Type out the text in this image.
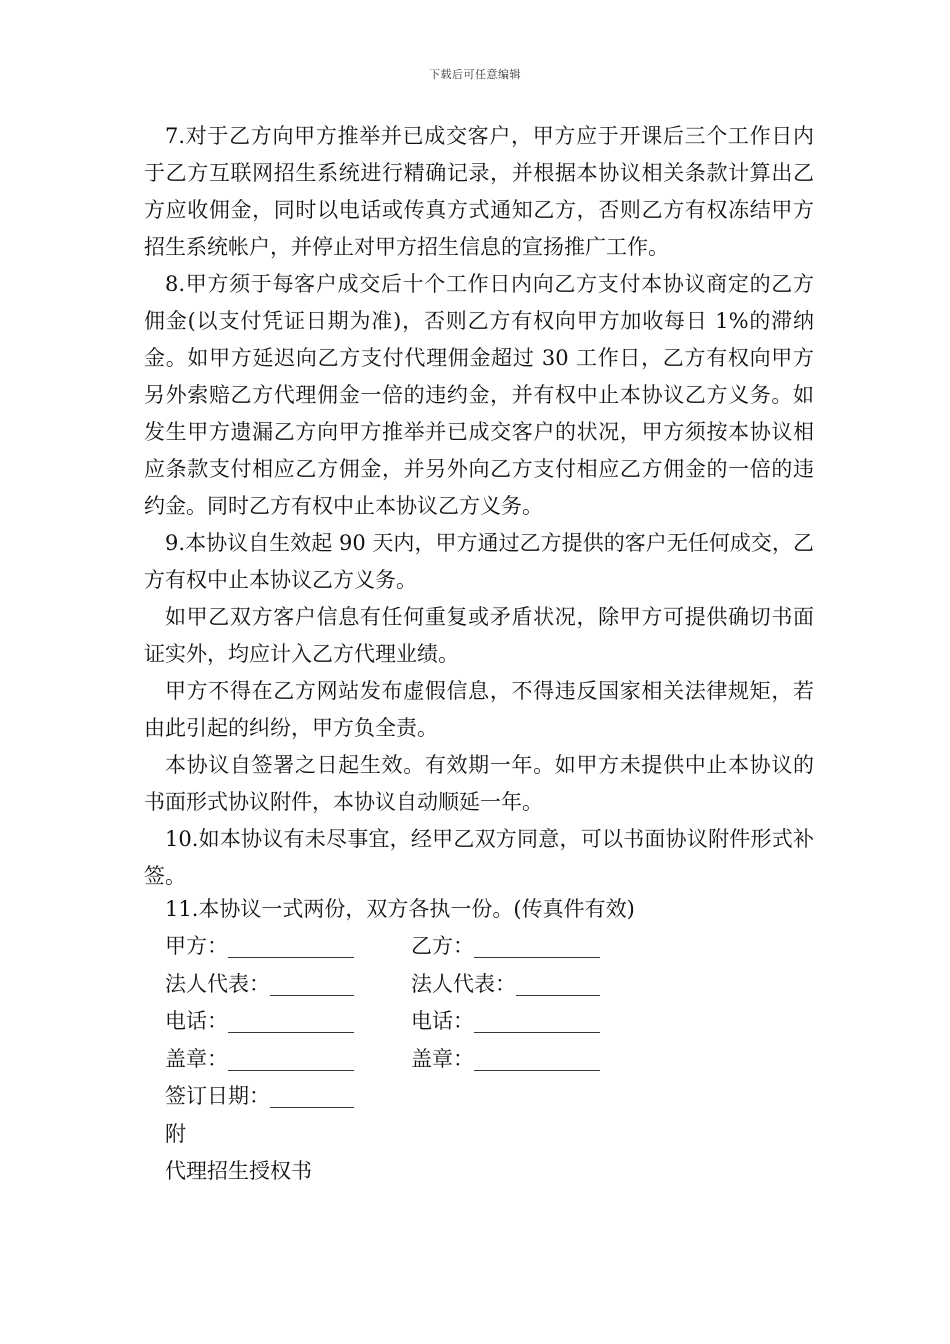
下载后可任意编辑

7.对于乙方向甲方推举并已成交客户，甲方应于开课后三个工作日内于乙方互联网招生系统进行精确记录，并根据本协议相关条款计算出乙方应收佣金，同时以电话或传真方式通知乙方，否则乙方有权冻结甲方招生系统帐户，并停止对甲方招生信息的宣扬推广工作。

8.甲方须于每客户成交后十个工作日内向乙方支付本协议商定的乙方佣金(以支付凭证日期为准)，否则乙方有权向甲方加收每日 1%的滞纳金。如甲方延迟向乙方支付代理佣金超过 30 工作日，乙方有权向甲方另外索赔乙方代理佣金一倍的违约金，并有权中止本协议乙方义务。如发生甲方遗漏乙方向甲方推举并已成交客户的状况，甲方须按本协议相应条款支付相应乙方佣金，并另外向乙方支付相应乙方佣金的一倍的违约金。同时乙方有权中止本协议乙方义务。

9.本协议自生效起 90 天内，甲方通过乙方提供的客户无任何成交，乙方有权中止本协议乙方义务。

如甲乙双方客户信息有任何重复或矛盾状况，除甲方可提供确切书面证实外，均应计入乙方代理业绩。

甲方不得在乙方网站发布虚假信息，不得违反国家相关法律规矩，若由此引起的纠纷，甲方负全责。

本协议自签署之日起生效。有效期一年。如甲方未提供中止本协议的书面形式协议附件，本协议自动顺延一年。

10.如本协议有未尽事宜，经甲乙双方同意，可以书面协议附件形式补签。

11.本协议一式两份，双方各执一份。(传真件有效)
甲方：____________	乙方：____________
法人代表：________	法人代表：________
电话：____________	电话：____________
盖章：____________	盖章：____________
签订日期：________
附
代理招生授权书
